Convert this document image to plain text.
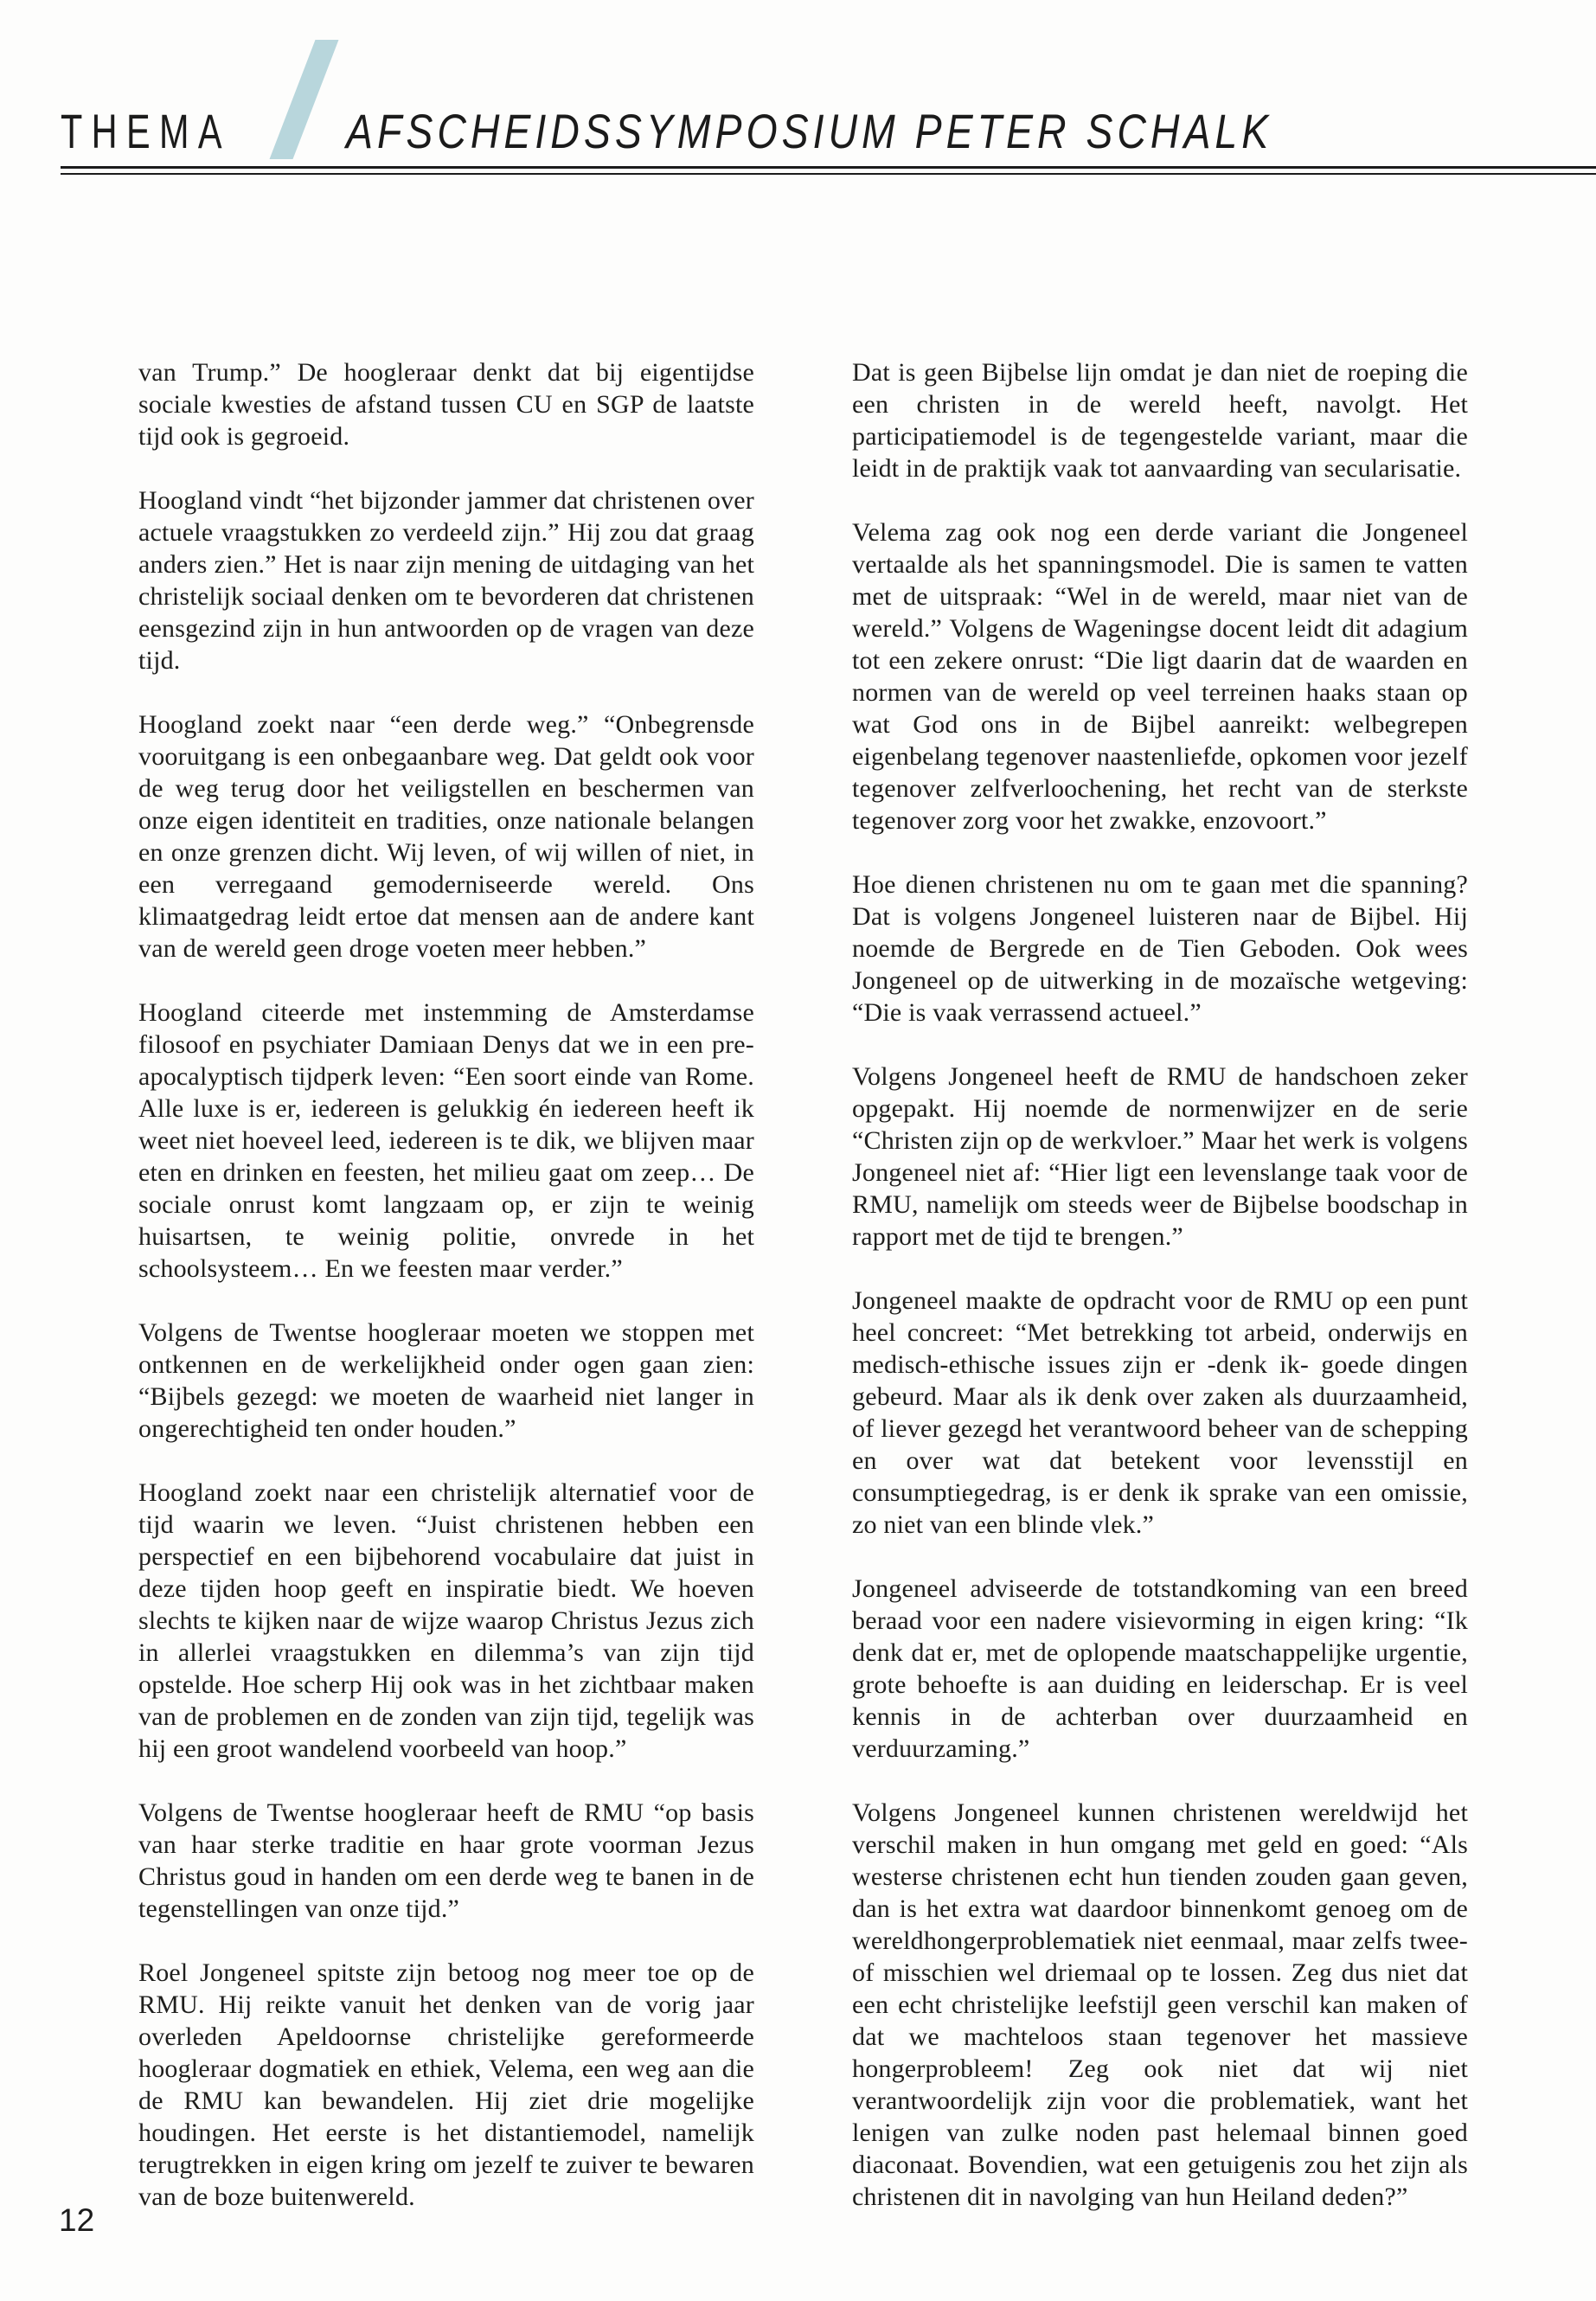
THEMA AFSCHEIDSSYMPOSIUM PETER SCHALK

van Trump.” De hoogleraar denkt dat bij eigentijdse sociale kwesties de afstand tussen CU en SGP de laatste tijd ook is gegroeid.

Hoogland vindt “het bijzonder jammer dat christenen over actuele vraagstukken zo verdeeld zijn.” Hij zou dat graag anders zien.” Het is naar zijn mening de uitdaging van het christelijk sociaal denken om te bevorderen dat christenen eensgezind zijn in hun antwoorden op de vragen van deze tijd.

Hoogland zoekt naar “een derde weg.” “Onbegrensde vooruitgang is een onbegaanbare weg. Dat geldt ook voor de weg terug door het veiligstellen en beschermen van onze eigen identiteit en tradities, onze nationale belangen en onze grenzen dicht. Wij leven, of wij willen of niet, in een verregaand gemoderniseerde wereld. Ons klimaatgedrag leidt ertoe dat mensen aan de andere kant van de wereld geen droge voeten meer hebben.”

Hoogland citeerde met instemming de Amsterdamse filosoof en psychiater Damiaan Denys dat we in een pre-apocalyptisch tijdperk leven: “Een soort einde van Rome. Alle luxe is er, iedereen is gelukkig én iedereen heeft ik weet niet hoeveel leed, iedereen is te dik, we blijven maar eten en drinken en feesten, het milieu gaat om zeep… De sociale onrust komt langzaam op, er zijn te weinig huisartsen, te weinig politie, onvrede in het schoolsysteem… En we feesten maar verder.”

Volgens de Twentse hoogleraar moeten we stoppen met ontkennen en de werkelijkheid onder ogen gaan zien: “Bijbels gezegd: we moeten de waarheid niet langer in ongerechtigheid ten onder houden.”

Hoogland zoekt naar een christelijk alternatief voor de tijd waarin we leven. “Juist christenen hebben een perspectief en een bijbehorend vocabulaire dat juist in deze tijden hoop geeft en inspiratie biedt. We hoeven slechts te kijken naar de wijze waarop Christus Jezus zich in allerlei vraagstukken en dilemma’s van zijn tijd opstelde. Hoe scherp Hij ook was in het zichtbaar maken van de problemen en de zonden van zijn tijd, tegelijk was hij een groot wandelend voorbeeld van hoop.”

Volgens de Twentse hoogleraar heeft de RMU “op basis van haar sterke traditie en haar grote voorman Jezus Christus goud in handen om een derde weg te banen in de tegenstellingen van onze tijd.”

Roel Jongeneel spitste zijn betoog nog meer toe op de RMU. Hij reikte vanuit het denken van de vorig jaar overleden Apeldoornse christelijke gereformeerde hoogleraar dogmatiek en ethiek, Velema, een weg aan die de RMU kan bewandelen. Hij ziet drie mogelijke houdingen. Het eerste is het distantiemodel, namelijk terugtrekken in eigen kring om jezelf te zuiver te bewaren van de boze buitenwereld.

Dat is geen Bijbelse lijn omdat je dan niet de roeping die een christen in de wereld heeft, navolgt. Het participatiemodel is de tegengestelde variant, maar die leidt in de praktijk vaak tot aanvaarding van secularisatie.

Velema zag ook nog een derde variant die Jongeneel vertaalde als het spanningsmodel. Die is samen te vatten met de uitspraak: “Wel in de wereld, maar niet van de wereld.” Volgens de Wageningse docent leidt dit adagium tot een zekere onrust: “Die ligt daarin dat de waarden en normen van de wereld op veel terreinen haaks staan op wat God ons in de Bijbel aanreikt: welbegrepen eigenbelang tegenover naastenliefde, opkomen voor jezelf tegenover zelfverloochening, het recht van de sterkste tegenover zorg voor het zwakke, enzovoort.”

Hoe dienen christenen nu om te gaan met die spanning? Dat is volgens Jongeneel luisteren naar de Bijbel. Hij noemde de Bergrede en de Tien Geboden. Ook wees Jongeneel op de uitwerking in de mozaïsche wetgeving: “Die is vaak verrassend actueel.”

Volgens Jongeneel heeft de RMU de handschoen zeker opgepakt. Hij noemde de normenwijzer en de serie “Christen zijn op de werkvloer.” Maar het werk is volgens Jongeneel niet af: “Hier ligt een levenslange taak voor de RMU, namelijk om steeds weer de Bijbelse boodschap in rapport met de tijd te brengen.”

Jongeneel maakte de opdracht voor de RMU op een punt heel concreet: “Met betrekking tot arbeid, onderwijs en medisch-ethische issues zijn er -denk ik- goede dingen gebeurd. Maar als ik denk over zaken als duurzaamheid, of liever gezegd het verantwoord beheer van de schepping en over wat dat betekent voor levensstijl en consumptiegedrag, is er denk ik sprake van een omissie, zo niet van een blinde vlek.”

Jongeneel adviseerde de totstandkoming van een breed beraad voor een nadere visievorming in eigen kring: “Ik denk dat er, met de oplopende maatschappelijke urgentie, grote behoefte is aan duiding en leiderschap. Er is veel kennis in de achterban over duurzaamheid en verduurzaming.”

Volgens Jongeneel kunnen christenen wereldwijd het verschil maken in hun omgang met geld en goed: “Als westerse christenen echt hun tienden zouden gaan geven, dan is het extra wat daardoor binnenkomt genoeg om de wereldhongerproblematiek niet eenmaal, maar zelfs twee- of misschien wel driemaal op te lossen. Zeg dus niet dat een echt christelijke leefstijl geen verschil kan maken of dat we machteloos staan tegenover het massieve hongerprobleem! Zeg ook niet dat wij niet verantwoordelijk zijn voor die problematiek, want het lenigen van zulke noden past helemaal binnen goed diaconaat. Bovendien, wat een getuigenis zou het zijn als christenen dit in navolging van hun Heiland deden?”

12
